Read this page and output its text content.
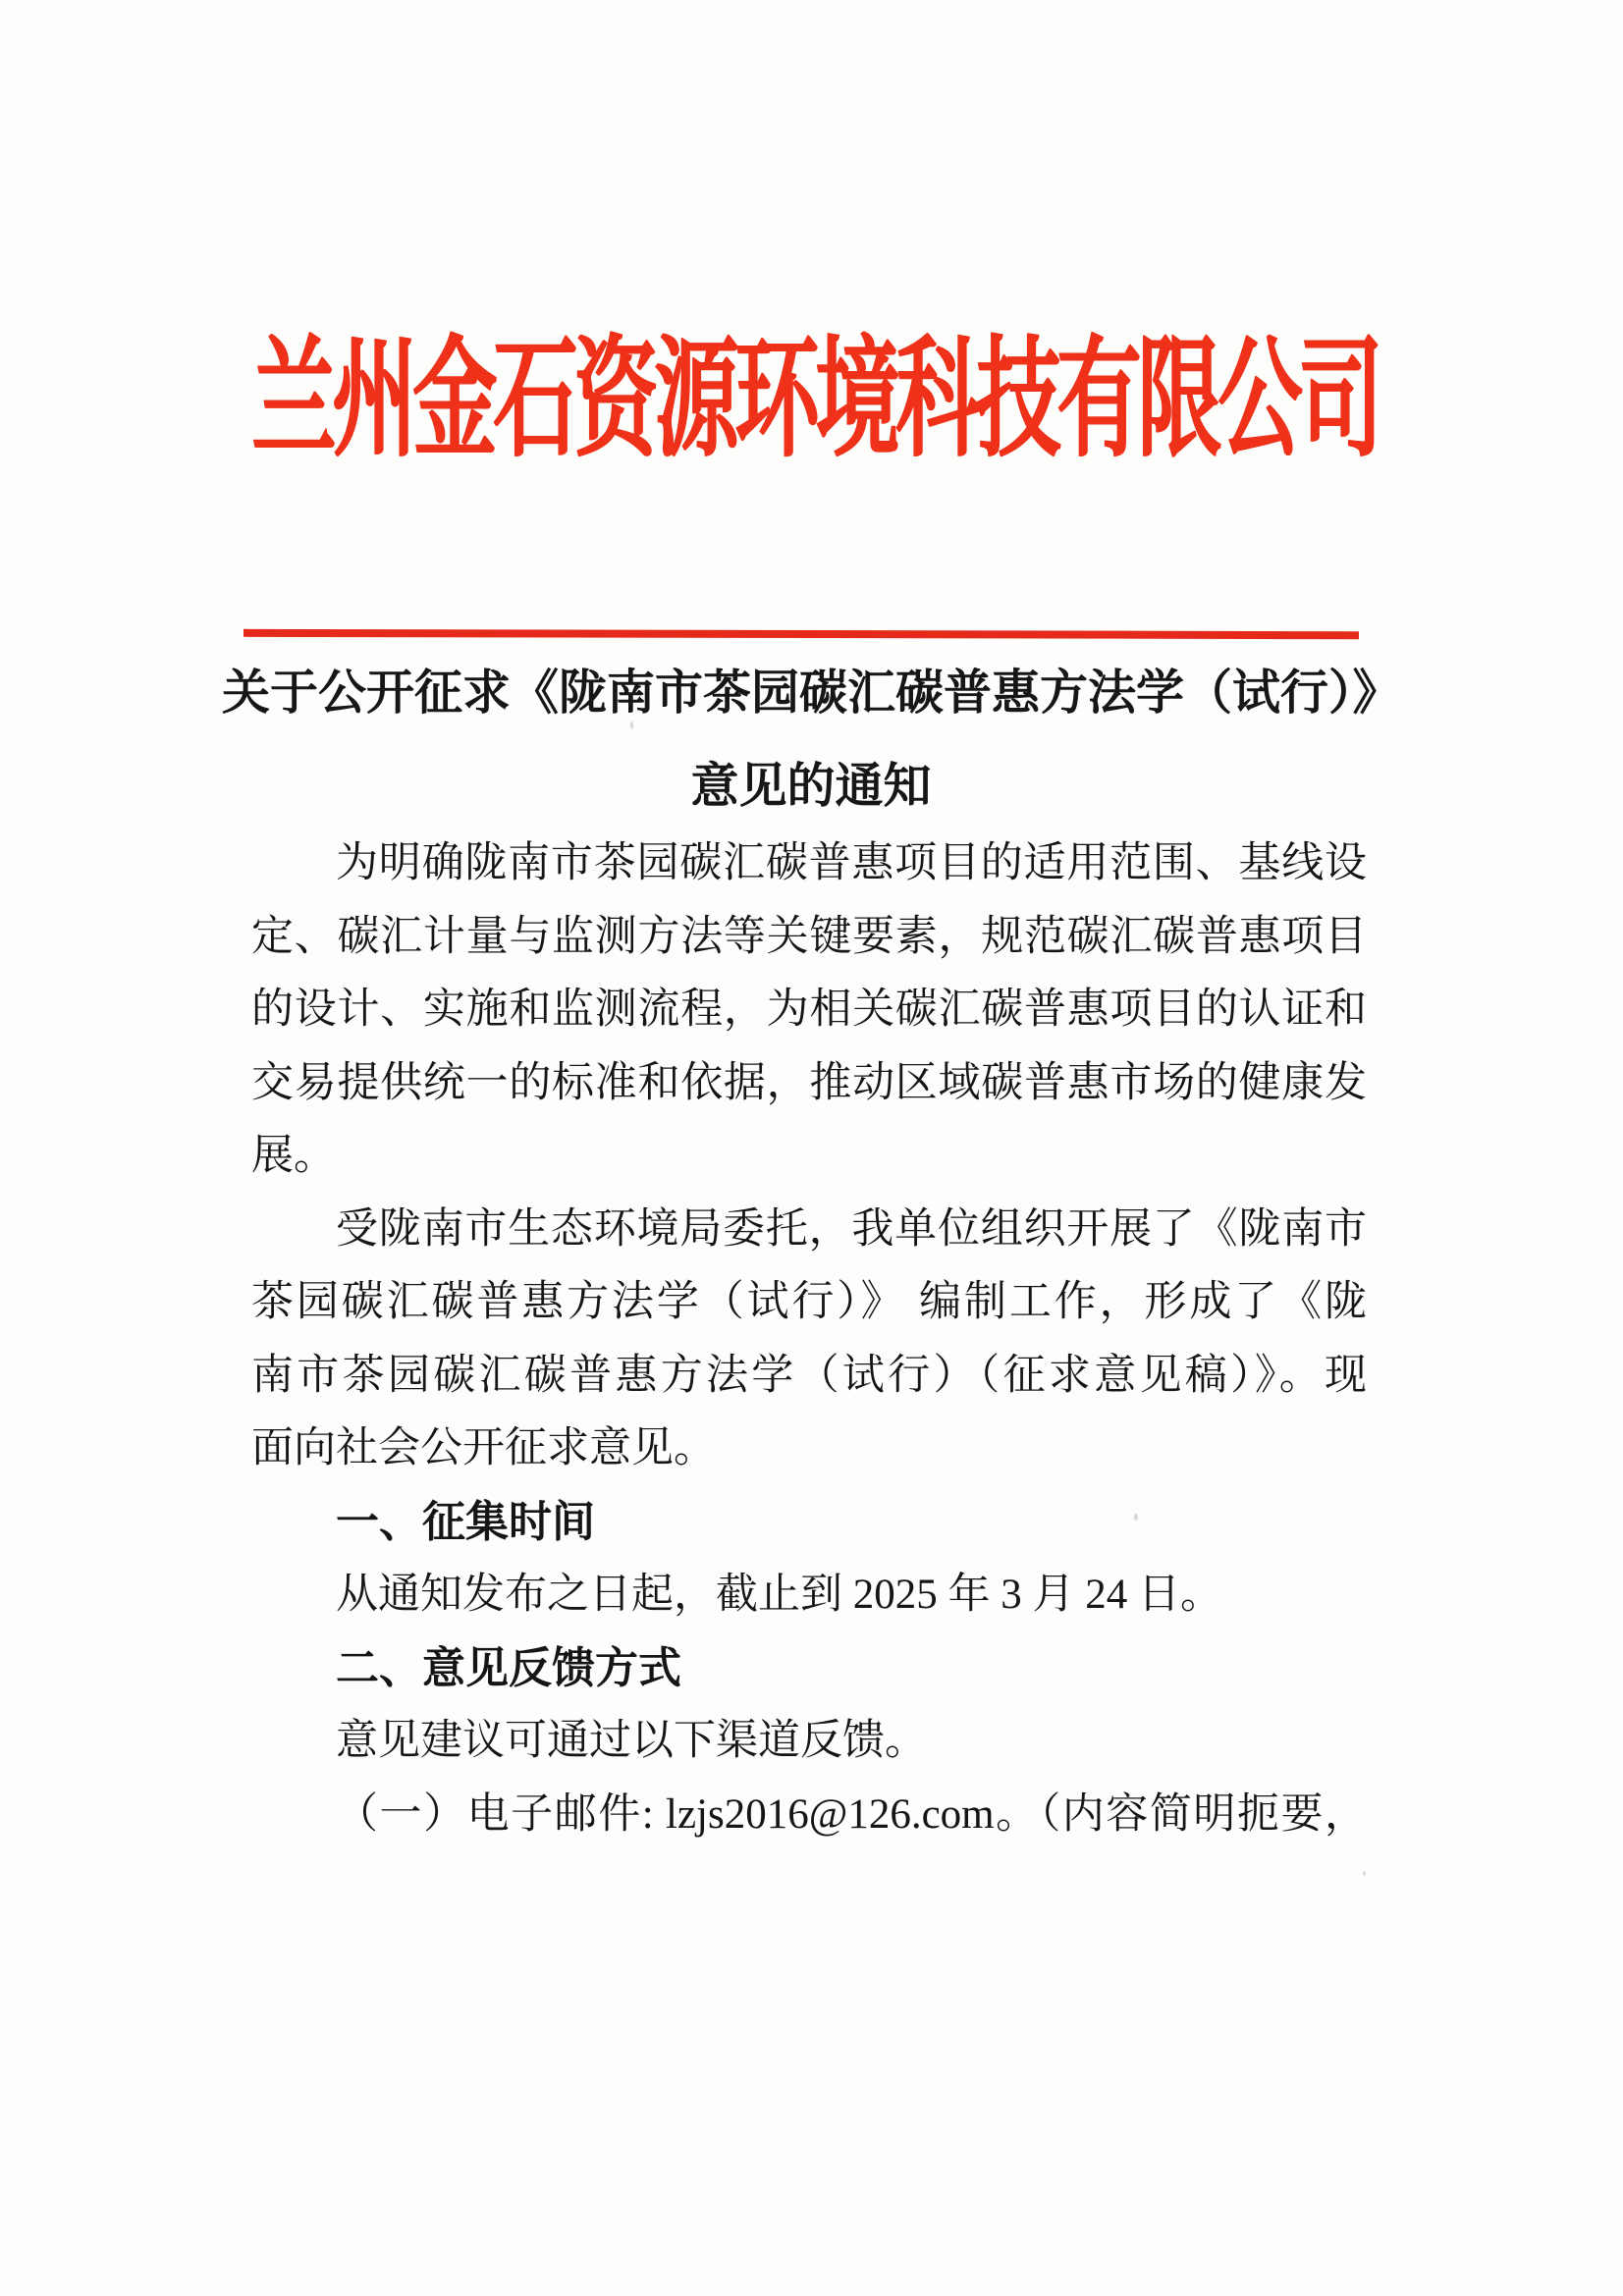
兰州金石资源环境科技有限公司
关于公开征求《陇南市茶园碳汇碳普惠方法学（试行）》
意见的通知
为明确陇南市茶园碳汇碳普惠项目的适用范围、基线设
定、碳汇计量与监测方法等关键要素，规范碳汇碳普惠项目
的设计、实施和监测流程，为相关碳汇碳普惠项目的认证和
交易提供统一的标准和依据，推动区域碳普惠市场的健康发
展。
受陇南市生态环境局委托，我单位组织开展了《陇南市
茶园碳汇碳普惠方法学（试行）》 编制工作，形成了《陇
南市茶园碳汇碳普惠方法学（试行）（征求意见稿）》。现
面向社会公开征求意见。
一、征集时间
从通知发布之日起，截止到 2025 年 3 月 24 日。
二、意见反馈方式
意见建议可通过以下渠道反馈。
（一）电子邮件: lzjs2016@126.com。（内容简明扼要，
